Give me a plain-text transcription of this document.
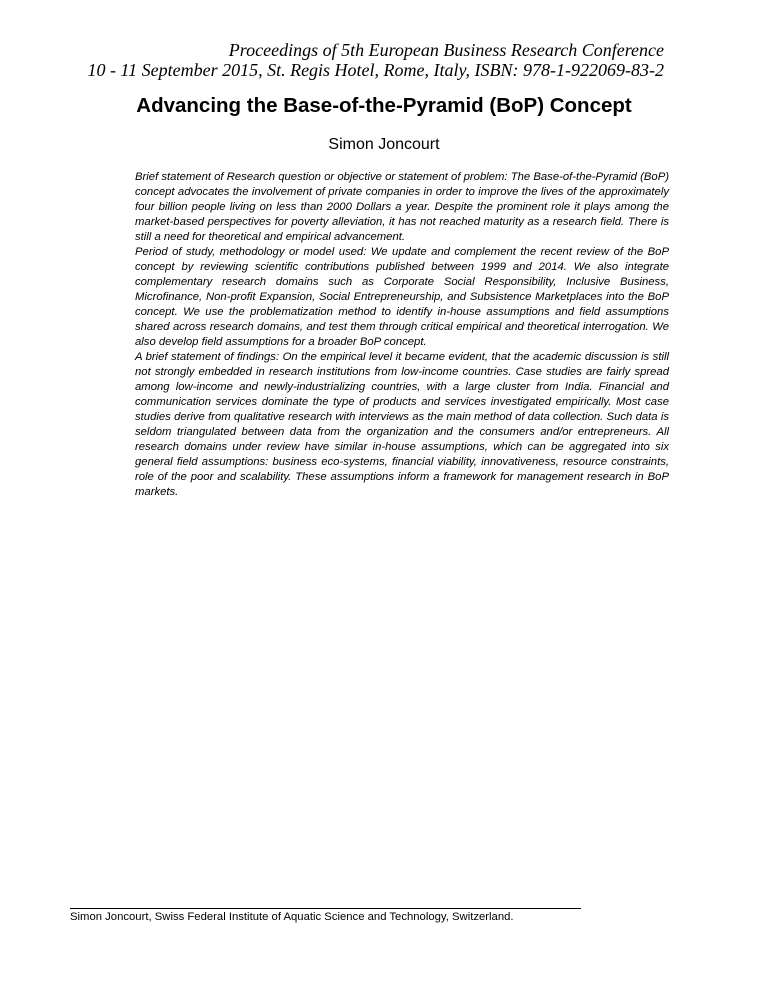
Proceedings of 5th European Business Research Conference
10 - 11 September 2015, St. Regis Hotel, Rome, Italy, ISBN: 978-1-922069-83-2
Advancing the Base-of-the-Pyramid (BoP) Concept
Simon Joncourt

Brief statement of Research question or objective or statement of problem: The Base-of-the-Pyramid (BoP) concept advocates the involvement of private companies in order to improve the lives of the approximately four billion people living on less than 2000 Dollars a year. Despite the prominent role it plays among the market-based perspectives for poverty alleviation, it has not reached maturity as a research field. There is still a need for theoretical and empirical advancement.

Period of study, methodology or model used: We update and complement the recent review of the BoP concept by reviewing scientific contributions published between 1999 and 2014. We also integrate complementary research domains such as Corporate Social Responsibility, Inclusive Business, Microfinance, Non-profit Expansion, Social Entrepreneurship, and Subsistence Marketplaces into the BoP concept. We use the problematization method to identify in-house assumptions and field assumptions shared across research domains, and test them through critical empirical and theoretical interrogation. We also develop field assumptions for a broader BoP concept.

A brief statement of findings: On the empirical level it became evident, that the academic discussion is still not strongly embedded in research institutions from low-income countries. Case studies are fairly spread among low-income and newly-industrializing countries, with a large cluster from India. Financial and communication services dominate the type of products and services investigated empirically. Most case studies derive from qualitative research with interviews as the main method of data collection. Such data is seldom triangulated between data from the organization and the consumers and/or entrepreneurs. All research domains under review have similar in-house assumptions, which can be aggregated into six general field assumptions: business eco-systems, financial viability, innovativeness, resource constraints, role of the poor and scalability. These assumptions inform a framework for management research in BoP markets.

Simon Joncourt, Swiss Federal Institute of Aquatic Science and Technology, Switzerland.
